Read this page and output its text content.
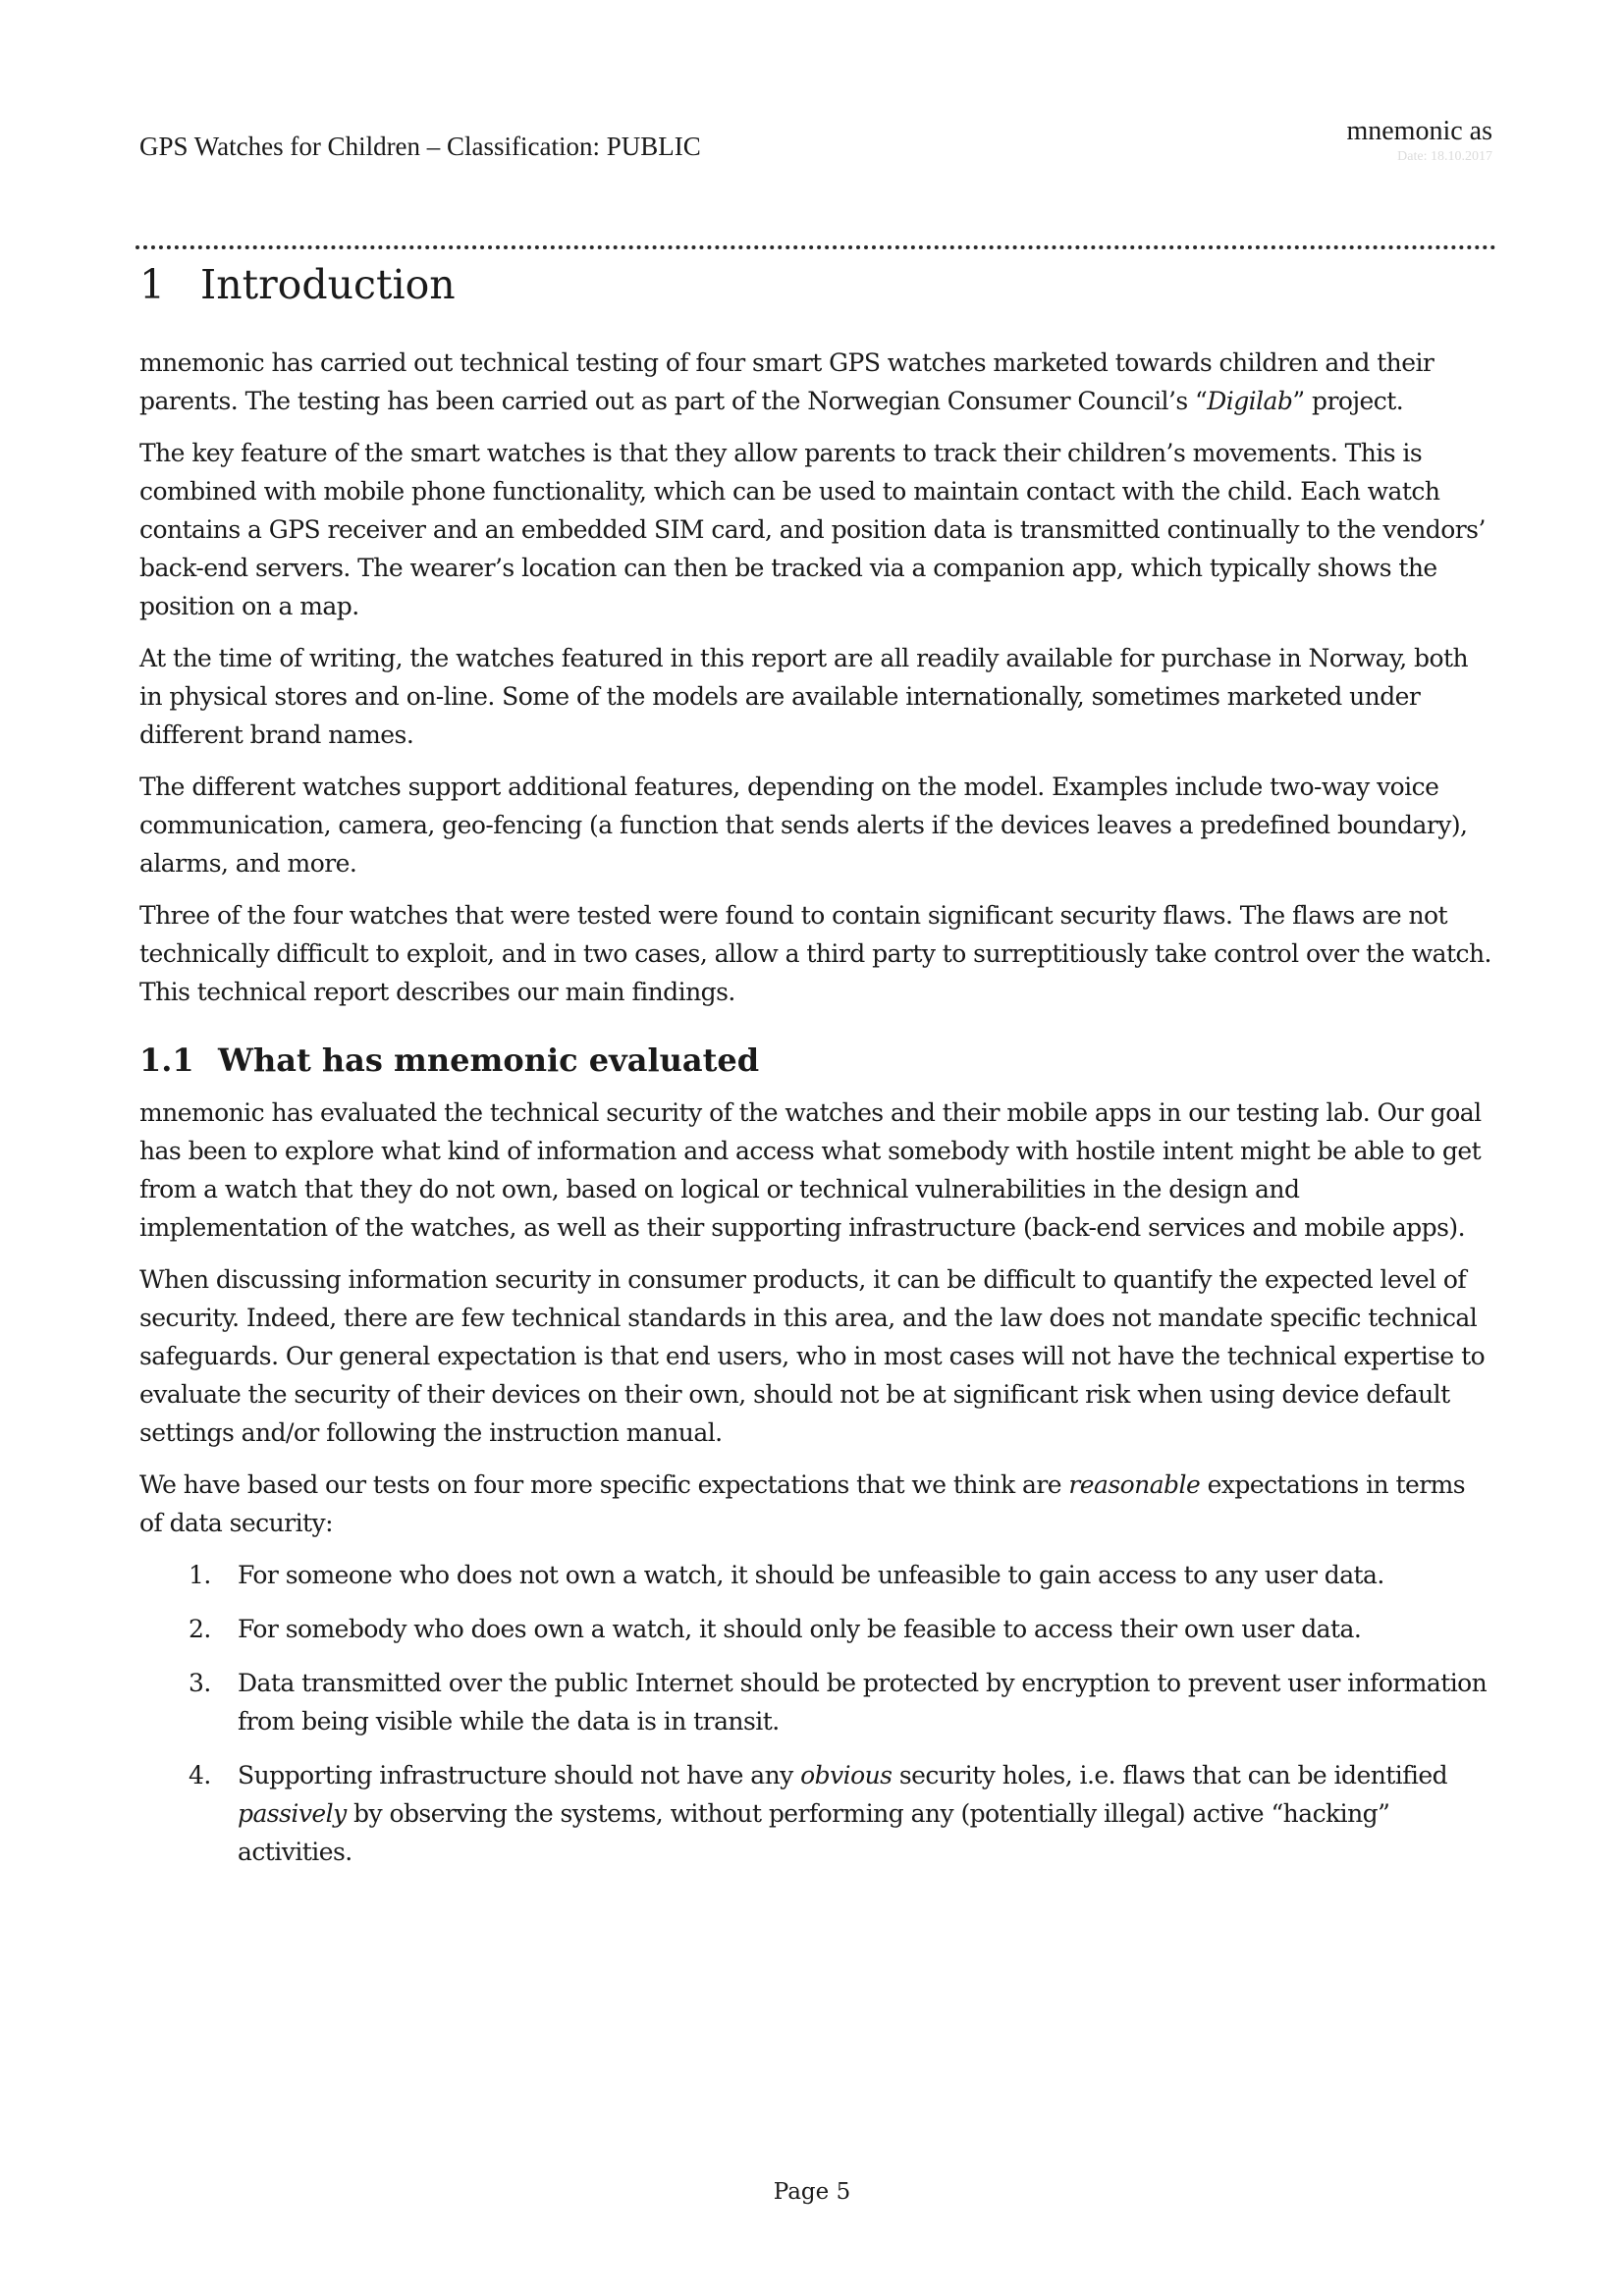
GPS Watches for Children – Classification: PUBLIC	mnemonic as
Date: 18.10.2017
1 Introduction

mnemonic has carried out technical testing of four smart GPS watches marketed towards children and their parents. The testing has been carried out as part of the Norwegian Consumer Council’s “Digilab” project.

The key feature of the smart watches is that they allow parents to track their children’s movements. This is combined with mobile phone functionality, which can be used to maintain contact with the child. Each watch contains a GPS receiver and an embedded SIM card, and position data is transmitted continually to the vendors’ back-end servers. The wearer’s location can then be tracked via a companion app, which typically shows the position on a map.

At the time of writing, the watches featured in this report are all readily available for purchase in Norway, both in physical stores and on-line. Some of the models are available internationally, sometimes marketed under different brand names.

The different watches support additional features, depending on the model. Examples include two-way voice communication, camera, geo-fencing (a function that sends alerts if the devices leaves a predefined boundary), alarms, and more.

Three of the four watches that were tested were found to contain significant security flaws. The flaws are not technically difficult to exploit, and in two cases, allow a third party to surreptitiously take control over the watch. This technical report describes our main findings.

1.1 What has mnemonic evaluated

mnemonic has evaluated the technical security of the watches and their mobile apps in our testing lab. Our goal has been to explore what kind of information and access what somebody with hostile intent might be able to get from a watch that they do not own, based on logical or technical vulnerabilities in the design and implementation of the watches, as well as their supporting infrastructure (back-end services and mobile apps).

When discussing information security in consumer products, it can be difficult to quantify the expected level of security. Indeed, there are few technical standards in this area, and the law does not mandate specific technical safeguards. Our general expectation is that end users, who in most cases will not have the technical expertise to evaluate the security of their devices on their own, should not be at significant risk when using device default settings and/or following the instruction manual.

We have based our tests on four more specific expectations that we think are reasonable expectations in terms of data security:

1. For someone who does not own a watch, it should be unfeasible to gain access to any user data.
2. For somebody who does own a watch, it should only be feasible to access their own user data.
3. Data transmitted over the public Internet should be protected by encryption to prevent user information from being visible while the data is in transit.
4. Supporting infrastructure should not have any obvious security holes, i.e. flaws that can be identified passively by observing the systems, without performing any (potentially illegal) active “hacking” activities.
Page 5
